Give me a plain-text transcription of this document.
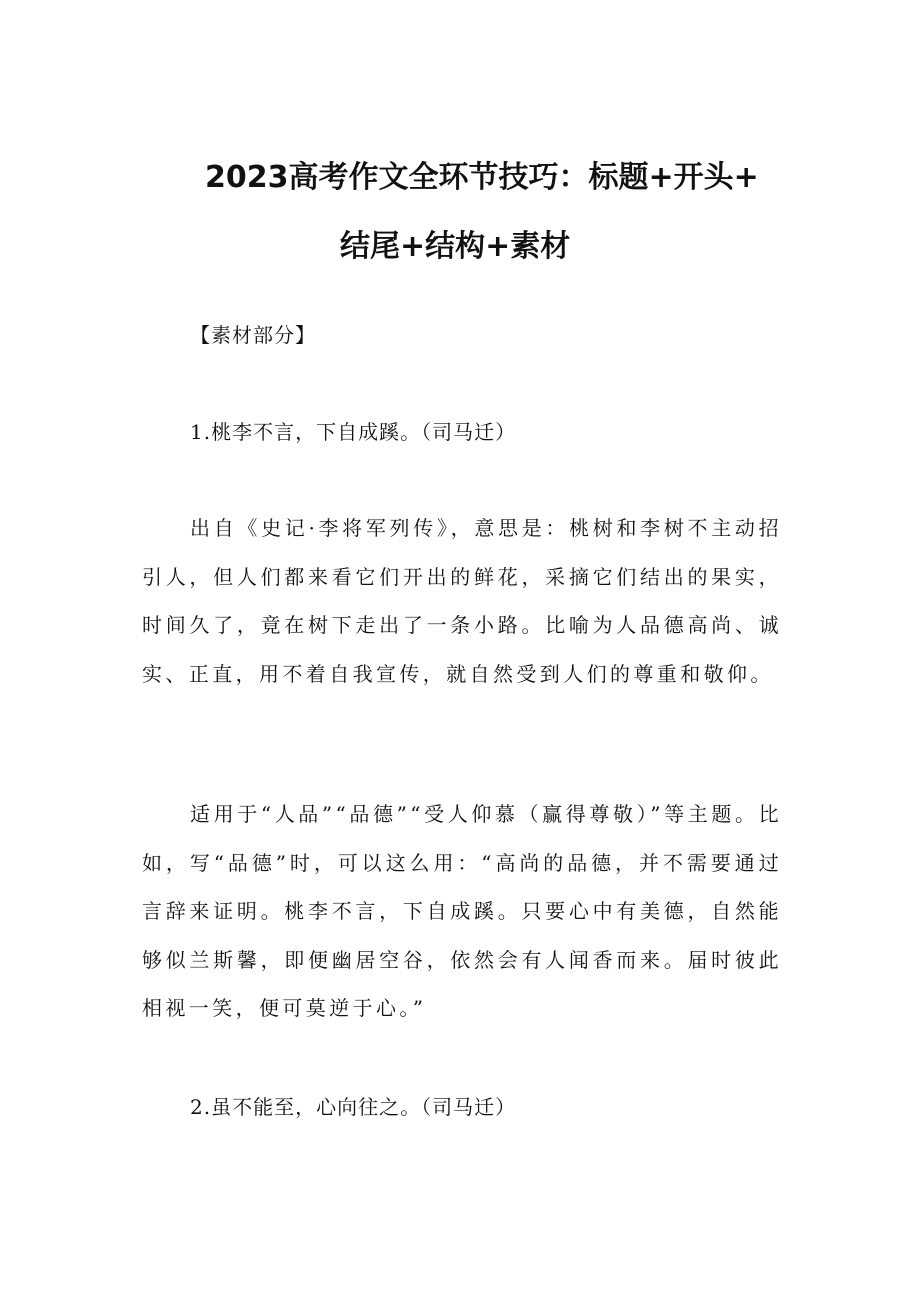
2023高考作文全环节技巧：标题+开头+
结尾+结构+素材
【素材部分】
1.桃李不言，下自成蹊。（司马迁）

出自《史记·李将军列传》，意思是：桃树和李树不主动招引人，但人们都来看它们开出的鲜花，采摘它们结出的果实，时间久了，竟在树下走出了一条小路。比喻为人品德高尚、诚实、正直，用不着自我宣传，就自然受到人们的尊重和敬仰。

适用于“人品”“品德”“受人仰慕（赢得尊敬）”等主题。比如，写“品德”时，可以这么用：“高尚的品德，并不需要通过言辞来证明。桃李不言，下自成蹊。只要心中有美德，自然能够似兰斯馨，即便幽居空谷，依然会有人闻香而来。届时彼此相视一笑，便可莫逆于心。”

2.虽不能至，心向往之。（司马迁）
